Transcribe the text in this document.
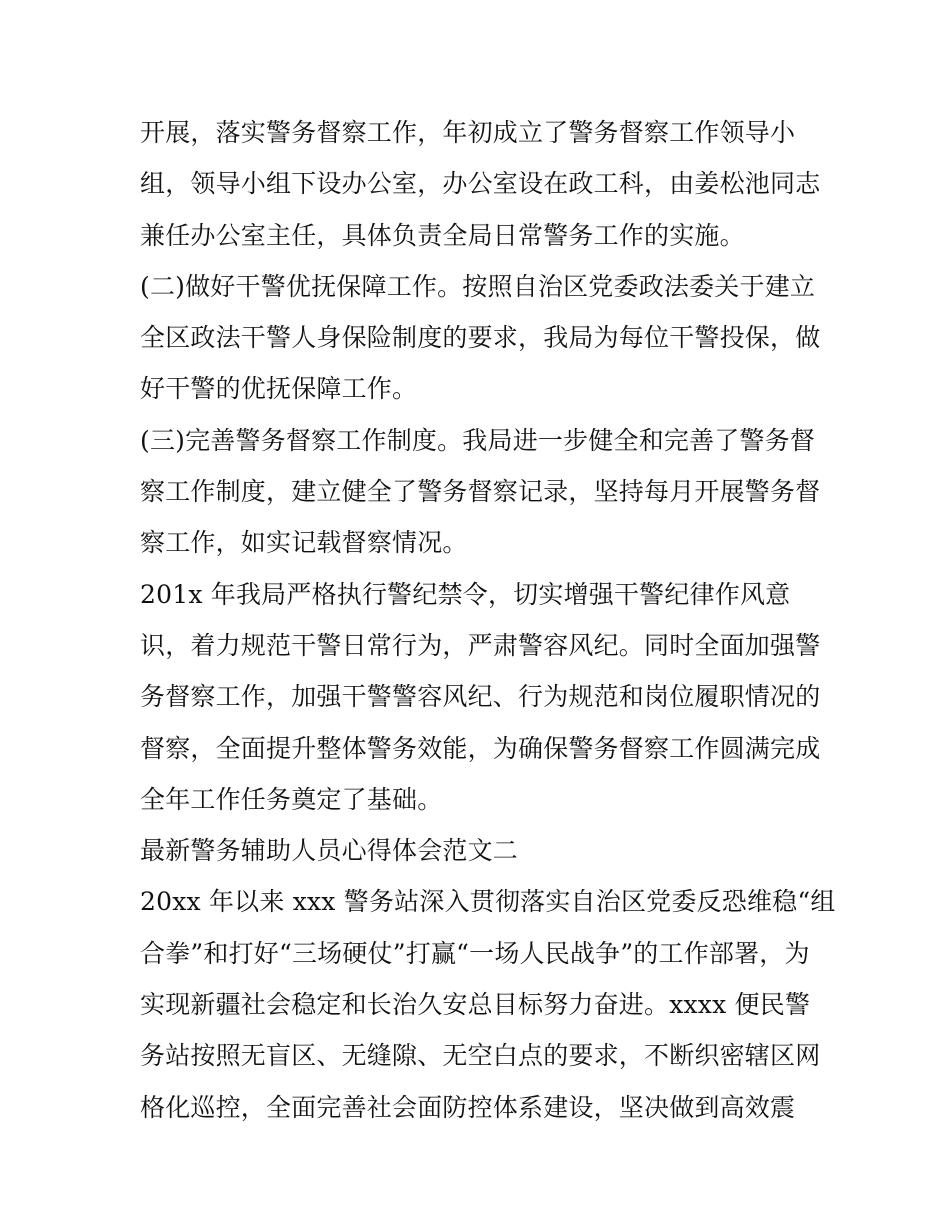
开展，落实警务督察工作，年初成立了警务督察工作领导小
组，领导小组下设办公室，办公室设在政工科，由姜松池同志
兼任办公室主任，具体负责全局日常警务工作的实施。
(二)做好干警优抚保障工作。按照自治区党委政法委关于建立
全区政法干警人身保险制度的要求，我局为每位干警投保，做
好干警的优抚保障工作。
(三)完善警务督察工作制度。我局进一步健全和完善了警务督
察工作制度，建立健全了警务督察记录，坚持每月开展警务督
察工作，如实记载督察情况。
201x 年我局严格执行警纪禁令，切实增强干警纪律作风意
识，着力规范干警日常行为，严肃警容风纪。同时全面加强警
务督察工作，加强干警警容风纪、行为规范和岗位履职情况的
督察，全面提升整体警务效能，为确保警务督察工作圆满完成
全年工作任务奠定了基础。
最新警务辅助人员心得体会范文二
20xx 年以来 xxx 警务站深入贯彻落实自治区党委反恐维稳“组
合拳”和打好“三场硬仗”打赢“一场人民战争”的工作部署，为
实现新疆社会稳定和长治久安总目标努力奋进。xxxx 便民警
务站按照无盲区、无缝隙、无空白点的要求，不断织密辖区网
格化巡控，全面完善社会面防控体系建设，坚决做到高效震
